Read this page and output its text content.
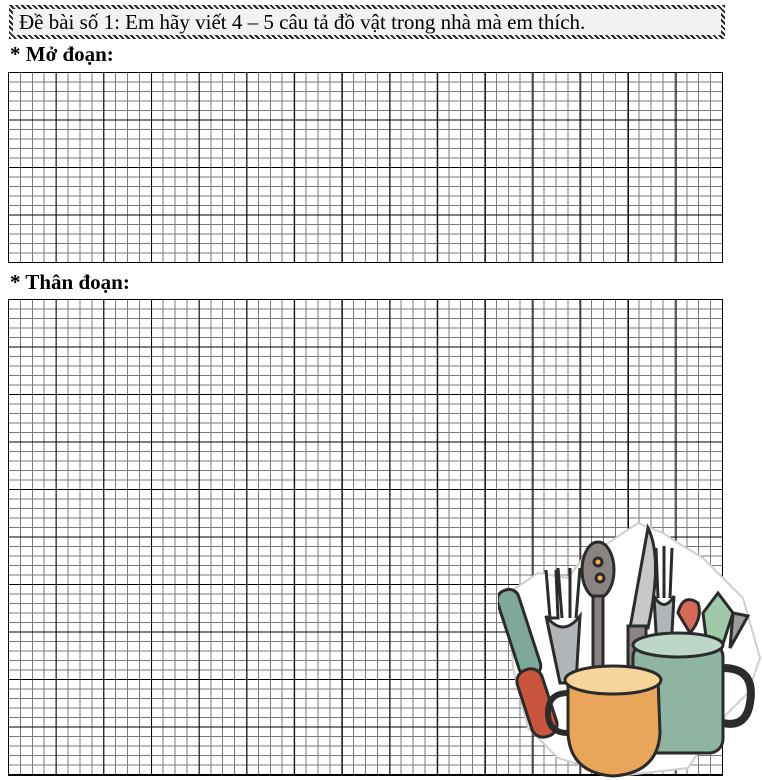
Đề bài số 1: Em hãy viết 4 – 5 câu tả đồ vật trong nhà mà em thích.
* Mở đoạn:
* Thân đoạn:
